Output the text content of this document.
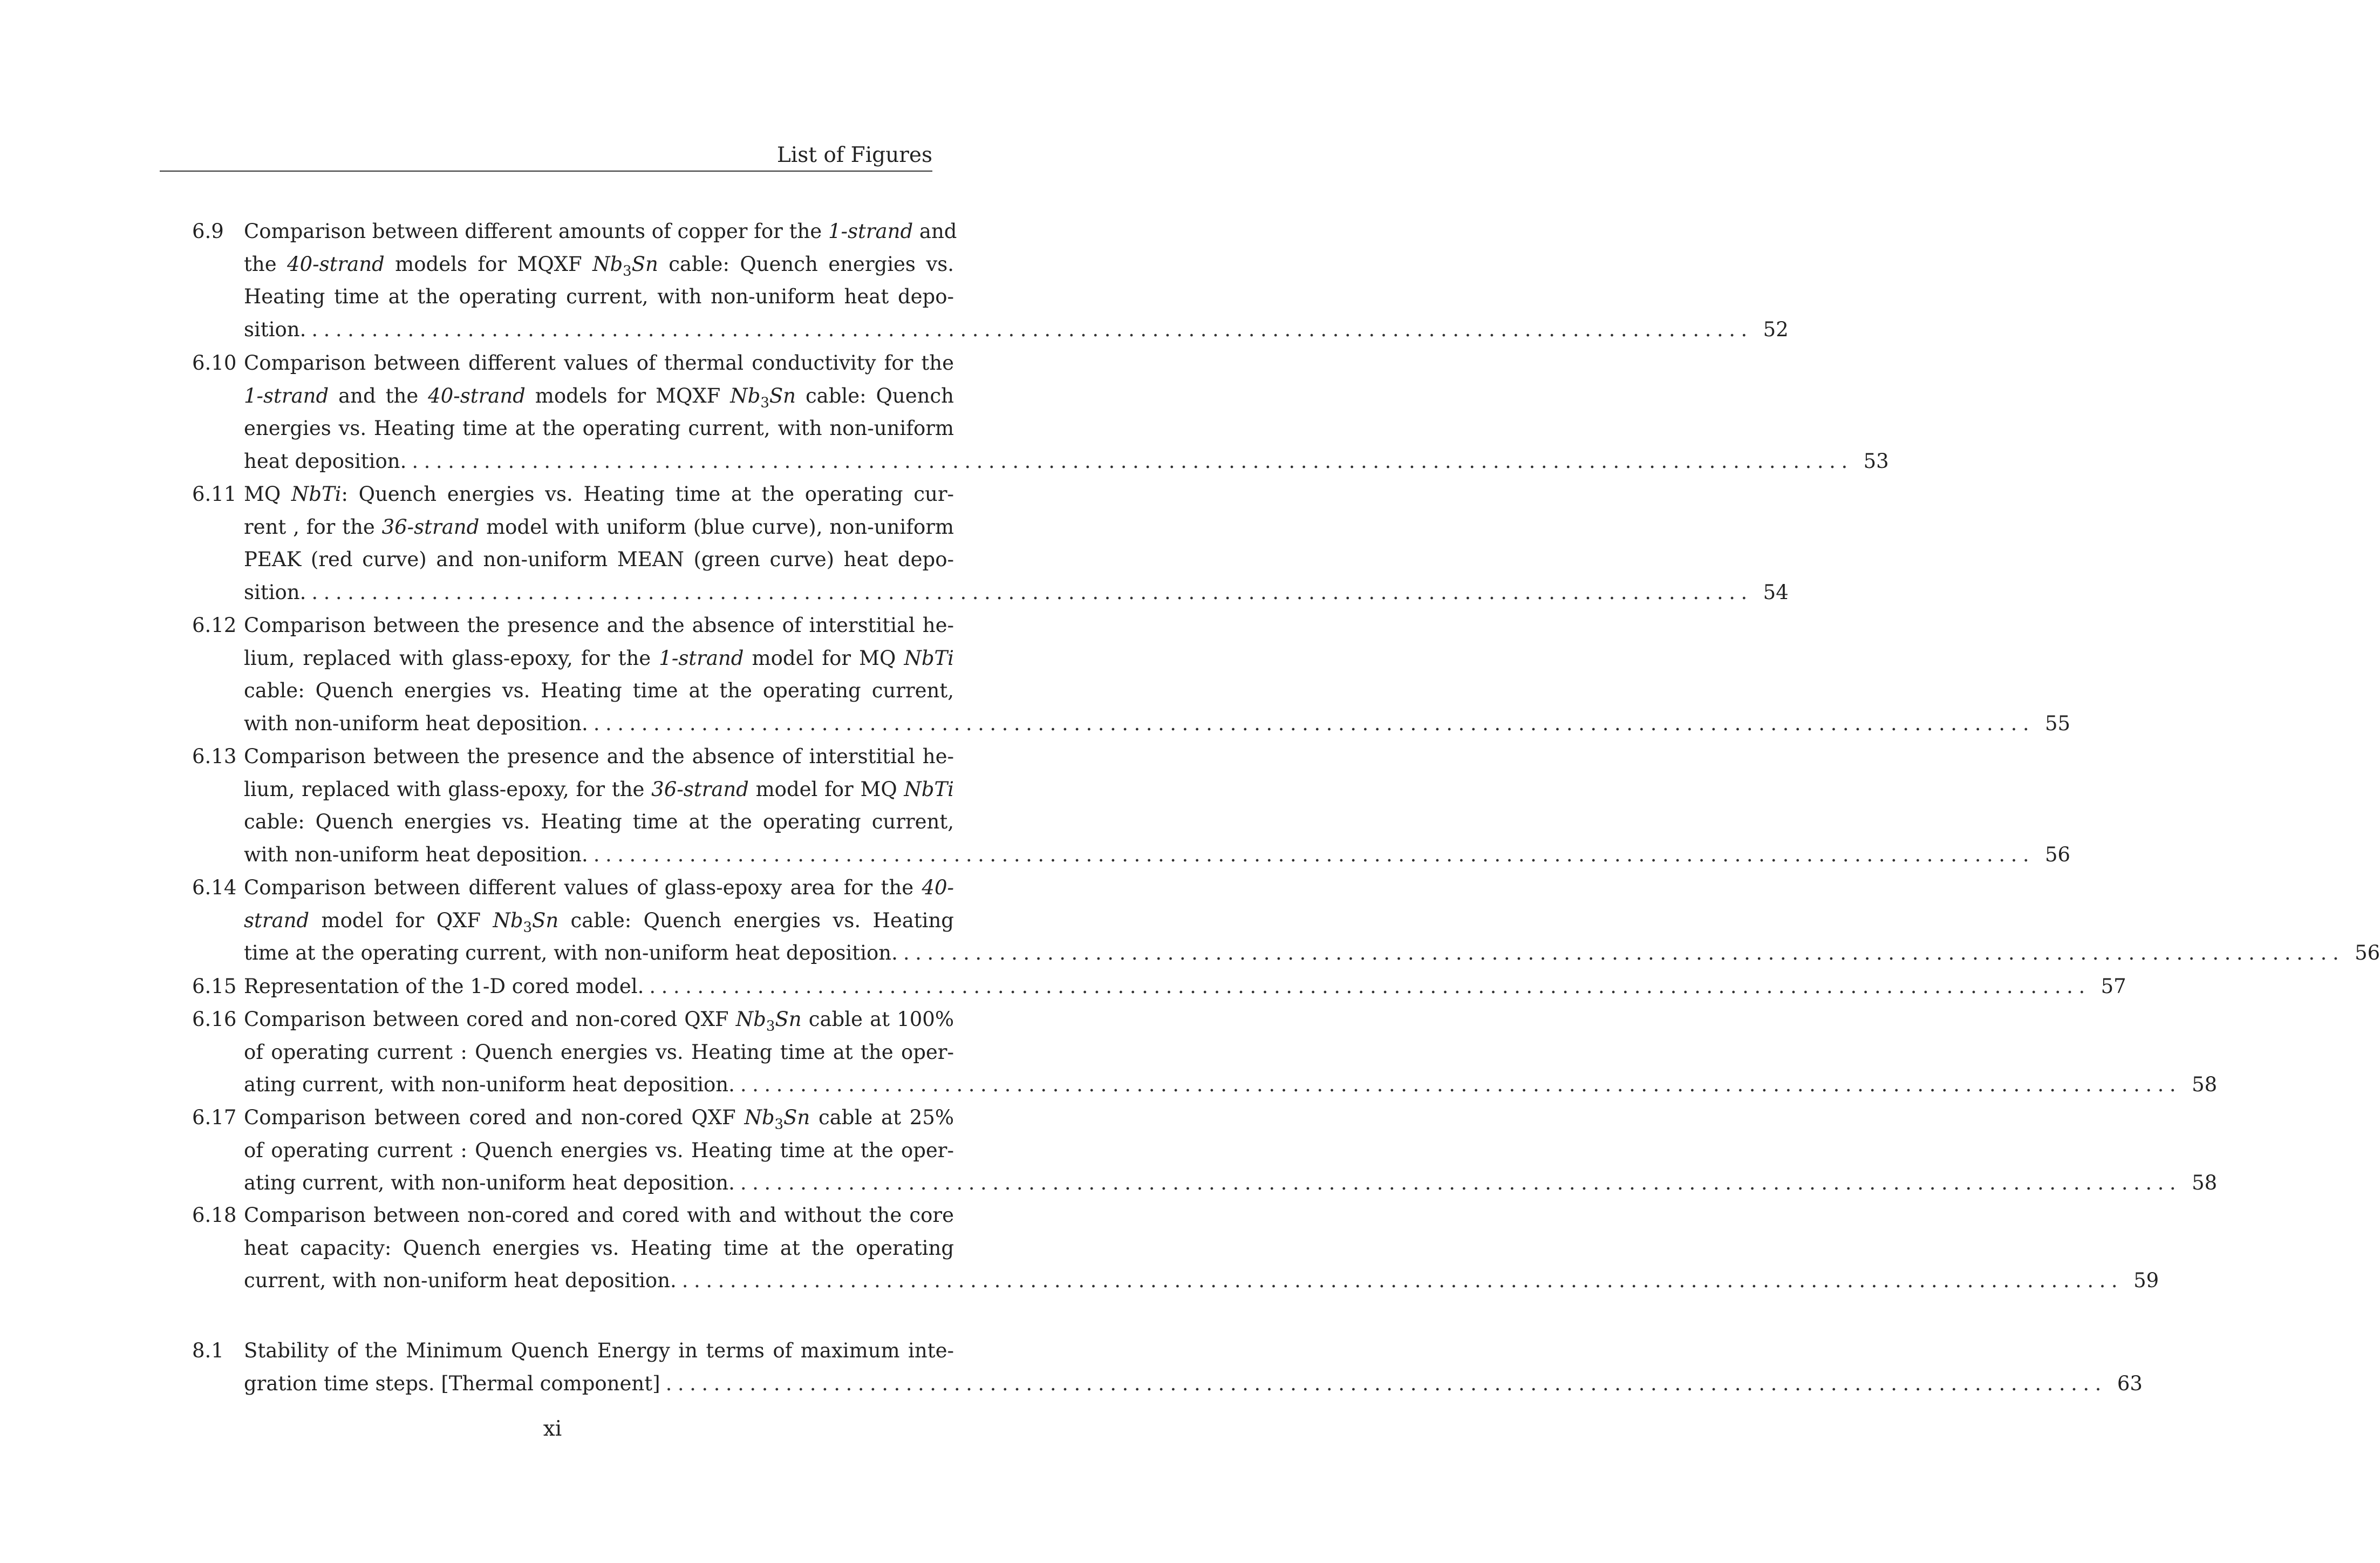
List of Figures
6.9	Comparison between different amounts of copper for the 1-strand and
the 40-strand models for MQXF $Nb_3Sn$ cable: Quench energies vs.
Heating time at the operating current, with non-uniform heat depo-
sition. ........................................................................................................................ 52
6.10 Comparison between different values of thermal conductivity for the
1-strand and the 40-strand models for MQXF $Nb_3Sn$ cable: Quench
energies vs. Heating time at the operating current, with non-uniform
heat deposition. ........................................................................................................................ 53
6.11 MQ NbTi: Quench energies vs. Heating time at the operating cur-
rent , for the 36-strand model with uniform (blue curve), non-uniform
PEAK (red curve) and non-uniform MEAN (green curve) heat depo-
sition. ........................................................................................................................ 54
6.12 Comparison between the presence and the absence of interstitial he-
lium, replaced with glass-epoxy, for the 1-strand model for MQ NbTi
cable: Quench energies vs. Heating time at the operating current,
with non-uniform heat deposition. ........................................................................................................................ 55
6.13 Comparison between the presence and the absence of interstitial he-
lium, replaced with glass-epoxy, for the 36-strand model for MQ NbTi
cable: Quench energies vs. Heating time at the operating current,
with non-uniform heat deposition. ........................................................................................................................ 56
6.14 Comparison between different values of glass-epoxy area for the 40-
strand model for QXF $Nb_3Sn$ cable: Quench energies vs. Heating
time at the operating current, with non-uniform heat deposition. ........................................................................................................................ 56
6.15 Representation of the 1-D cored model. ........................................................................................................................ 57
6.16 Comparison between cored and non-cored QXF $Nb_3Sn$ cable at 100%
of operating current : Quench energies vs. Heating time at the oper-
ating current, with non-uniform heat deposition. ........................................................................................................................ 58
6.17 Comparison between cored and non-cored QXF $Nb_3Sn$ cable at 25%
of operating current : Quench energies vs. Heating time at the oper-
ating current, with non-uniform heat deposition. ........................................................................................................................ 58
6.18 Comparison between non-cored and cored with and without the core
heat capacity: Quench energies vs. Heating time at the operating
current, with non-uniform heat deposition. ........................................................................................................................ 59
8.1	Stability of the Minimum Quench Energy in terms of maximum inte-
gration time steps. [Thermal component] ........................................................................................................................ 63
xi
